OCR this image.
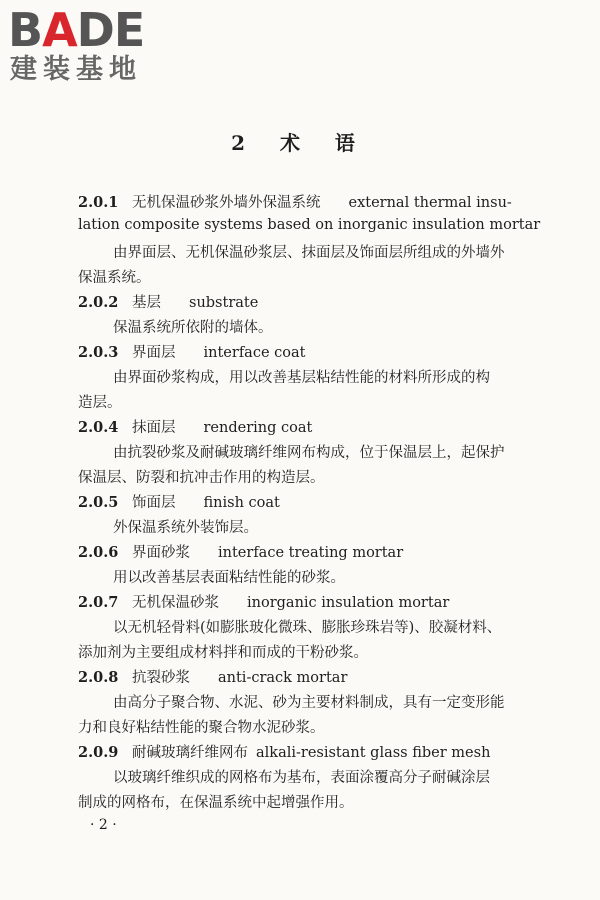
BADE
建装基地
2 术 语
2.0.1 无机保温砂浆外墙外保温系统 external thermal insu-
lation composite systems based on inorganic insulation mortar
由界面层、无机保温砂浆层、抹面层及饰面层所组成的外墙外
保温系统。
2.0.2 基层 substrate
保温系统所依附的墙体。
2.0.3 界面层 interface coat
由界面砂浆构成，用以改善基层粘结性能的材料所形成的构
造层。
2.0.4 抹面层 rendering coat
由抗裂砂浆及耐碱玻璃纤维网布构成，位于保温层上，起保护
保温层、防裂和抗冲击作用的构造层。
2.0.5 饰面层 finish coat
外保温系统外装饰层。
2.0.6 界面砂浆 interface treating mortar
用以改善基层表面粘结性能的砂浆。
2.0.7 无机保温砂浆 inorganic insulation mortar
以无机轻骨料(如膨胀玻化微珠、膨胀珍珠岩等)、胶凝材料、
添加剂为主要组成材料拌和而成的干粉砂浆。
2.0.8 抗裂砂浆 anti-crack mortar
由高分子聚合物、水泥、砂为主要材料制成，具有一定变形能
力和良好粘结性能的聚合物水泥砂浆。
2.0.9 耐碱玻璃纤维网布 alkali-resistant glass fiber mesh
以玻璃纤维织成的网格布为基布，表面涂覆高分子耐碱涂层
制成的网格布，在保温系统中起增强作用。
· 2 ·
